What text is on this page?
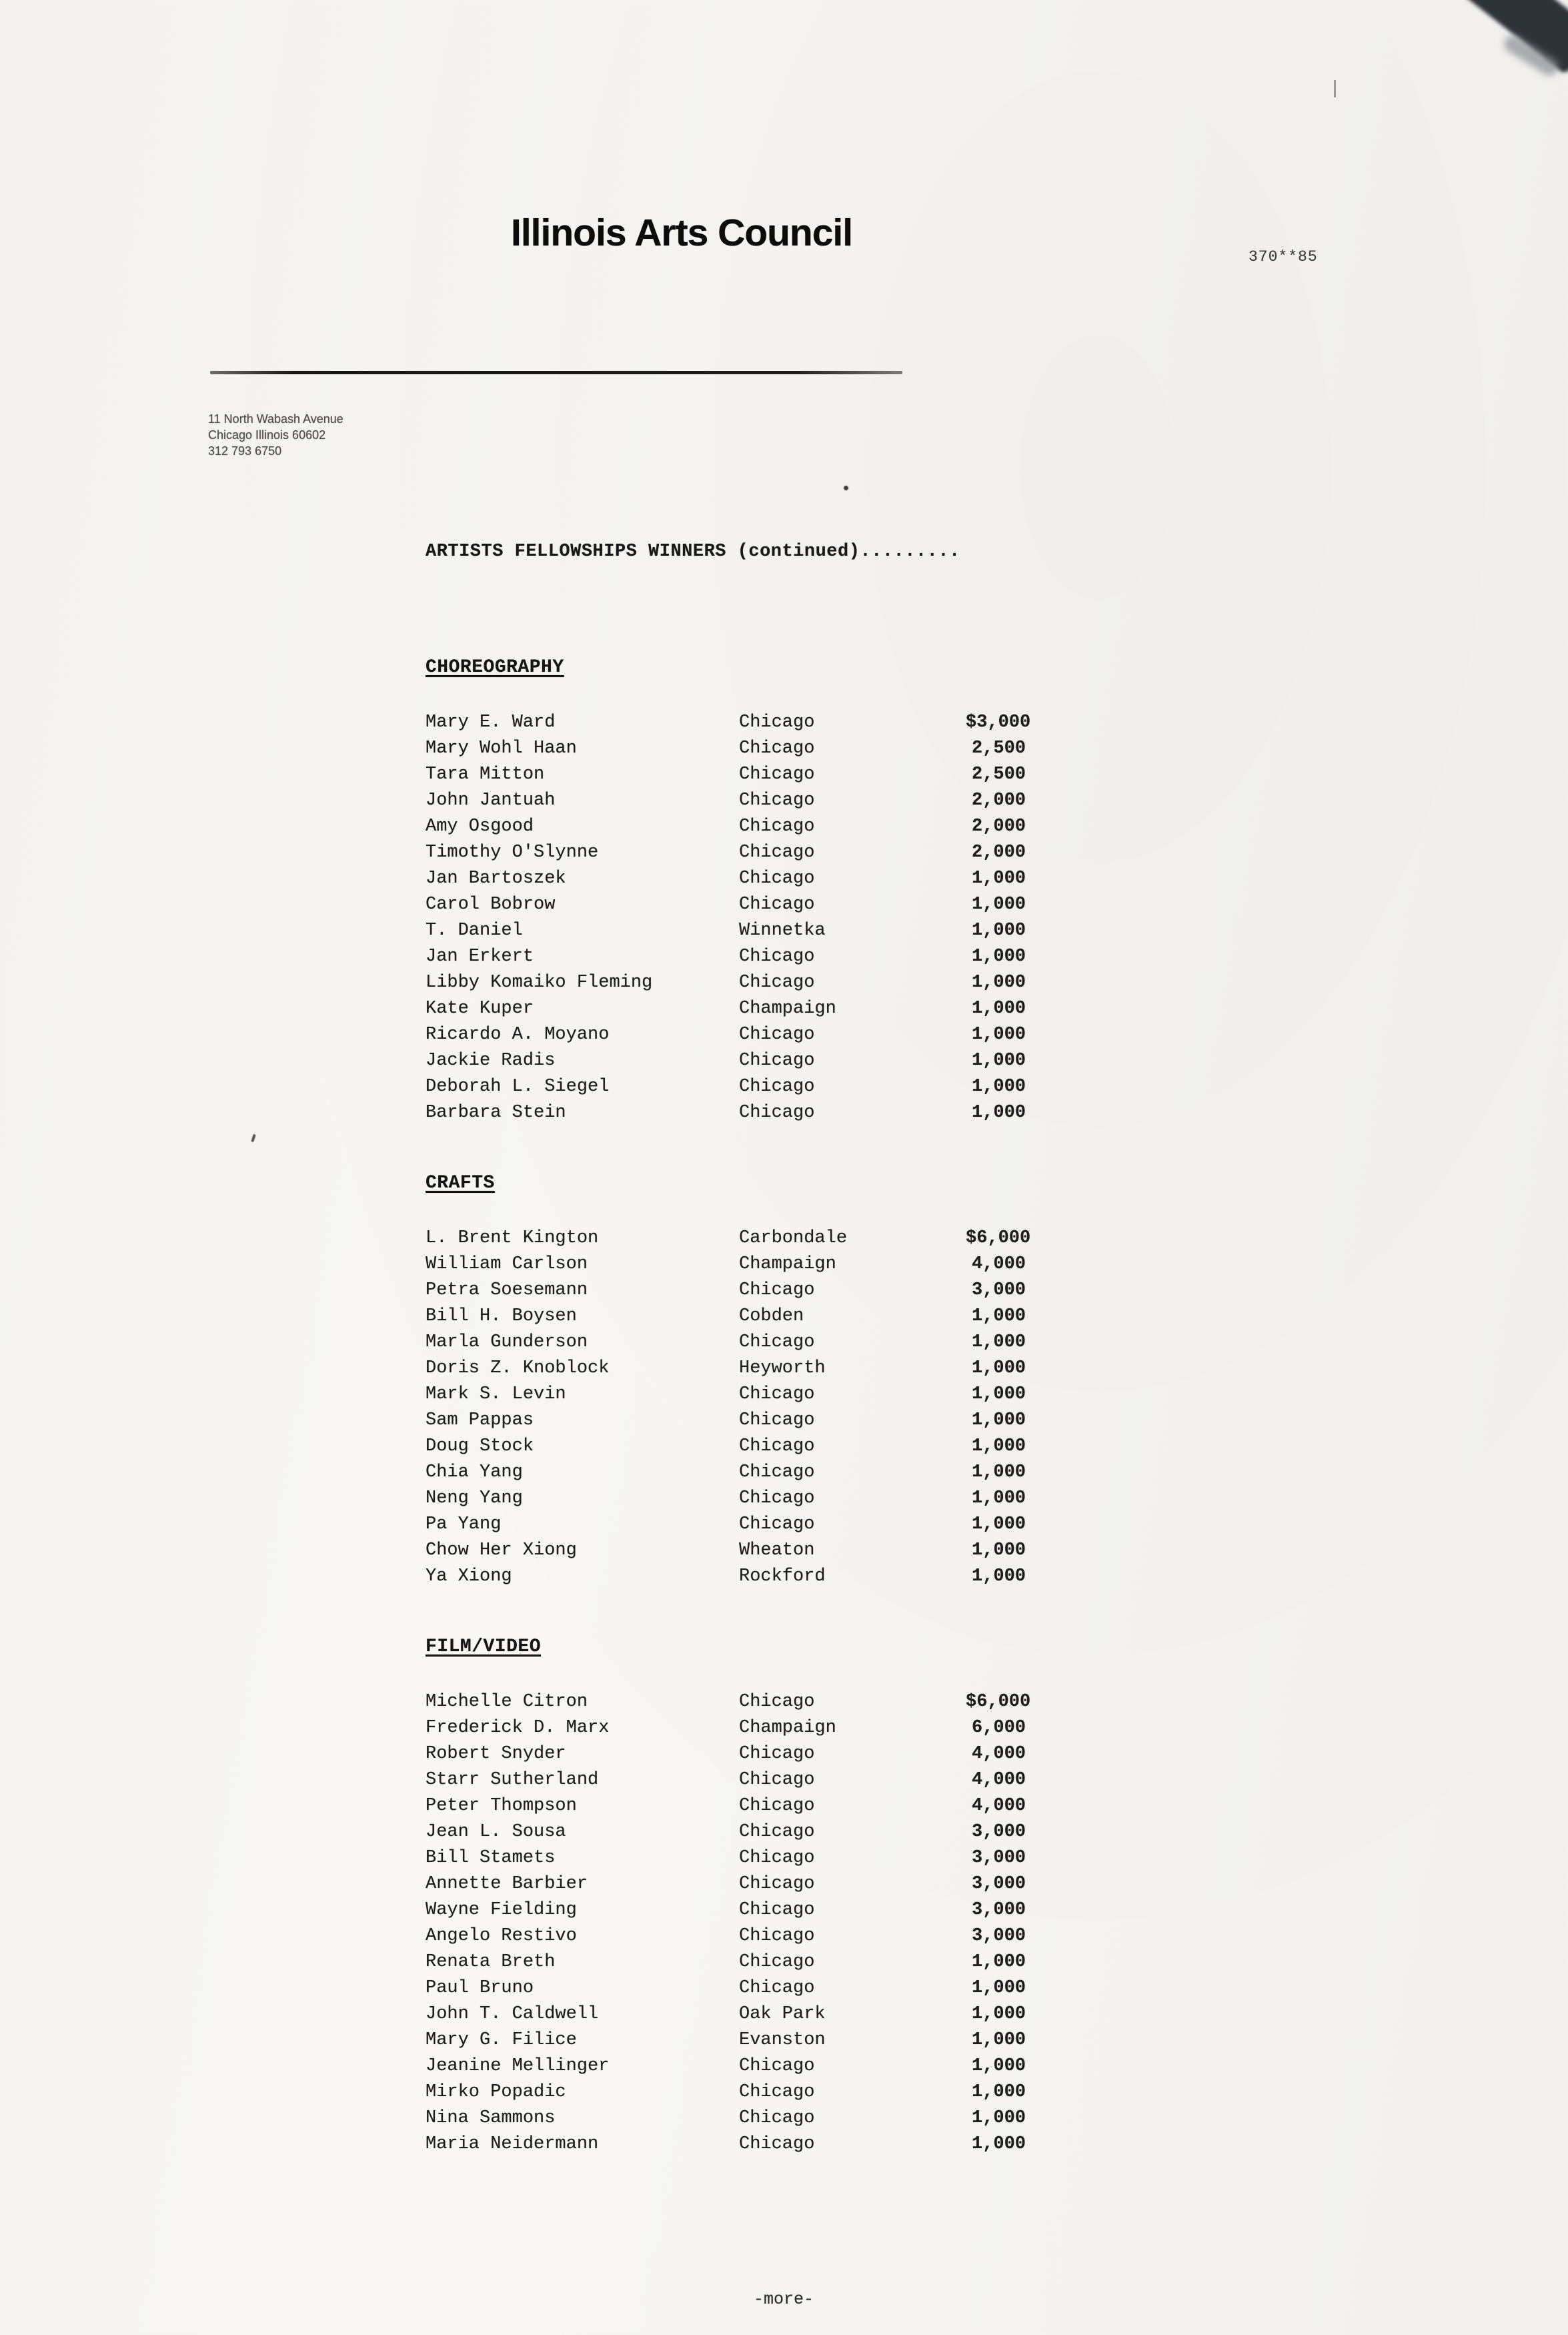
Illinois Arts Council
370**85
11 North Wabash Avenue
Chicago Illinois 60602
312 793 6750
ARTISTS FELLOWSHIPS WINNERS (continued).........
CHOREOGRAPHY
Mary E. Ward	Chicago	$3,000
Mary Wohl Haan	Chicago	2,500
Tara Mitton	Chicago	2,500
John Jantuah	Chicago	2,000
Amy Osgood	Chicago	2,000
Timothy O'Slynne	Chicago	2,000
Jan Bartoszek	Chicago	1,000
Carol Bobrow	Chicago	1,000
T. Daniel	Winnetka	1,000
Jan Erkert	Chicago	1,000
Libby Komaiko Fleming	Chicago	1,000
Kate Kuper	Champaign	1,000
Ricardo A. Moyano	Chicago	1,000
Jackie Radis	Chicago	1,000
Deborah L. Siegel	Chicago	1,000
Barbara Stein	Chicago	1,000
CRAFTS
L. Brent Kington	Carbondale	$6,000
William Carlson	Champaign	4,000
Petra Soesemann	Chicago	3,000
Bill H. Boysen	Cobden	1,000
Marla Gunderson	Chicago	1,000
Doris Z. Knoblock	Heyworth	1,000
Mark S. Levin	Chicago	1,000
Sam Pappas	Chicago	1,000
Doug Stock	Chicago	1,000
Chia Yang	Chicago	1,000
Neng Yang	Chicago	1,000
Pa Yang	Chicago	1,000
Chow Her Xiong	Wheaton	1,000
Ya Xiong	Rockford	1,000
FILM/VIDEO
Michelle Citron	Chicago	$6,000
Frederick D. Marx	Champaign	6,000
Robert Snyder	Chicago	4,000
Starr Sutherland	Chicago	4,000
Peter Thompson	Chicago	4,000
Jean L. Sousa	Chicago	3,000
Bill Stamets	Chicago	3,000
Annette Barbier	Chicago	3,000
Wayne Fielding	Chicago	3,000
Angelo Restivo	Chicago	3,000
Renata Breth	Chicago	1,000
Paul Bruno	Chicago	1,000
John T. Caldwell	Oak Park	1,000
Mary G. Filice	Evanston	1,000
Jeanine Mellinger	Chicago	1,000
Mirko Popadic	Chicago	1,000
Nina Sammons	Chicago	1,000
Maria Neidermann	Chicago	1,000
-more-
